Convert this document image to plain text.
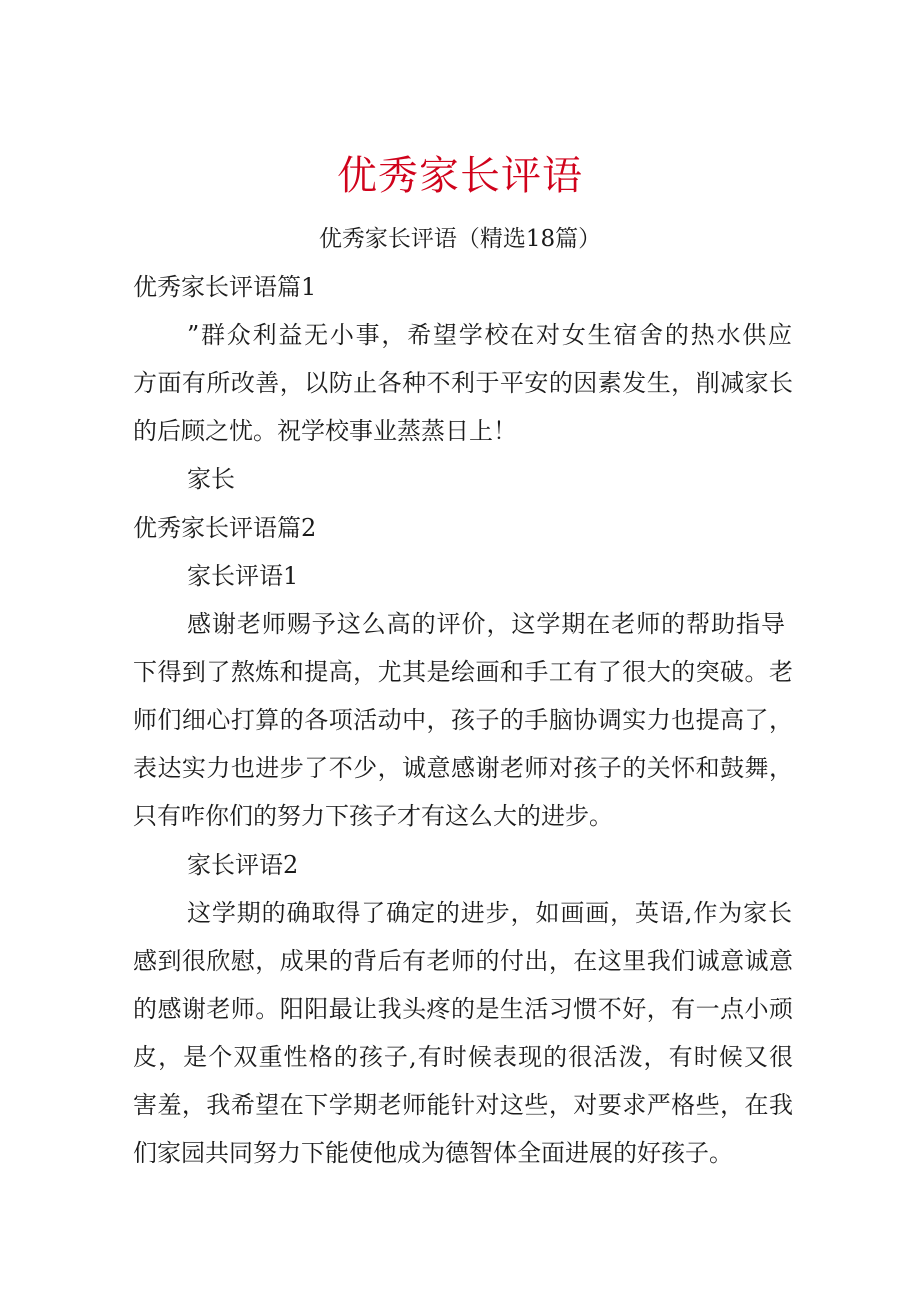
优秀家长评语
优秀家长评语（精选18篇）
优秀家长评语篇1
”群众利益无小事，希望学校在对女生宿舍的热水供应
方面有所改善，以防止各种不利于平安的因素发生，削减家长
的后顾之忧。祝学校事业蒸蒸日上！
家长
优秀家长评语篇2
家长评语1
感谢老师赐予这么高的评价，这学期在老师的帮助指导
下得到了熬炼和提高，尤其是绘画和手工有了很大的突破。老
师们细心打算的各项活动中，孩子的手脑协调实力也提高了，
表达实力也进步了不少，诚意感谢老师对孩子的关怀和鼓舞，
只有咋你们的努力下孩子才有这么大的进步。
家长评语2
这学期的确取得了确定的进步，如画画，英语,作为家长
感到很欣慰，成果的背后有老师的付出，在这里我们诚意诚意
的感谢老师。阳阳最让我头疼的是生活习惯不好，有一点小顽
皮，是个双重性格的孩子,有时候表现的很活泼，有时候又很
害羞，我希望在下学期老师能针对这些，对要求严格些，在我
们家园共同努力下能使他成为德智体全面进展的好孩子。
